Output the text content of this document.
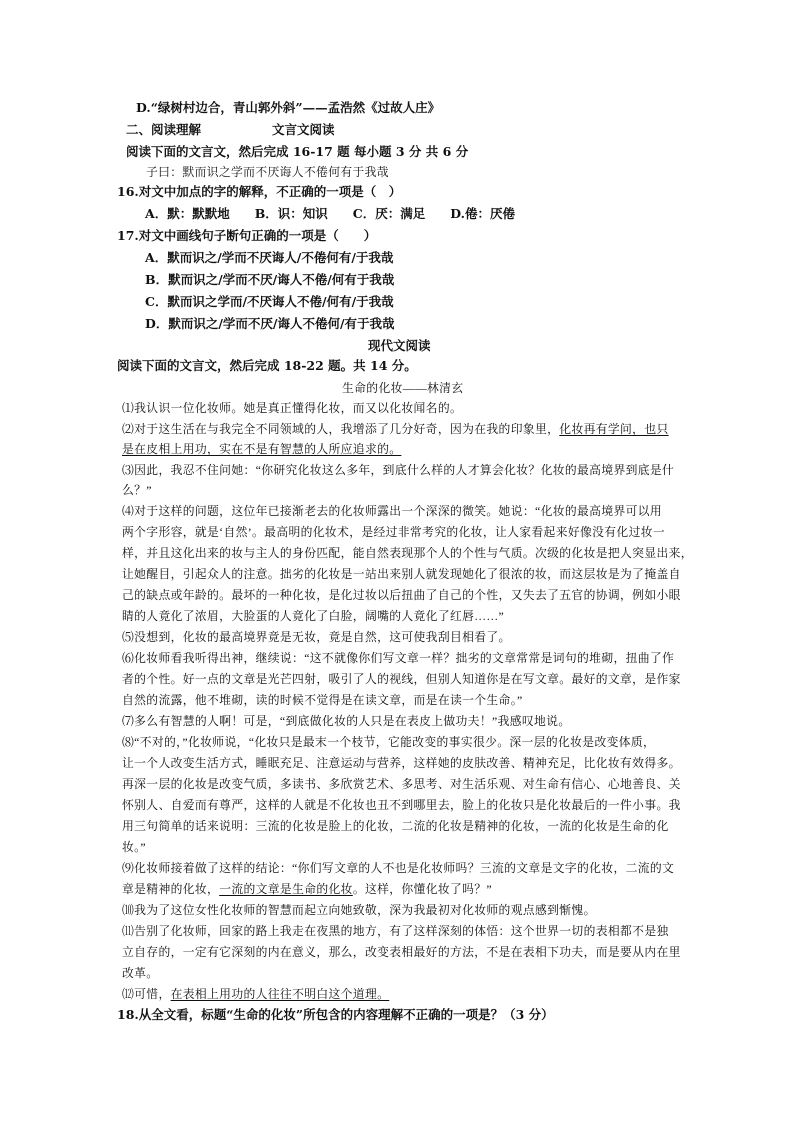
D.“绿树村边合，青山郭外斜”——孟浩然《过故人庄》
二、阅读理解	文言文阅读
阅读下面的文言文，然后完成 16-17 题 每小题 3 分 共 6 分
子曰：默而识之学而不厌诲人不倦何有于我哉
16.对文中加点的字的解释，不正确的一项是（　）
A．默：默默地　　B．识：知识　　C．厌：满足　　D.倦：厌倦
17.对文中画线句子断句正确的一项是（　　）
A．默而识之/学而不厌诲人/不倦何有/于我哉
B．默而识之/学而不厌/诲人不倦/何有于我哉
C．默而识之学而/不厌诲人不倦/何有/于我哉
D．默而识之/学而不厌/诲人不倦何/有于我哉
现代文阅读
阅读下面的文言文，然后完成 18-22 题。共 14 分。
生命的化妆——林清玄
⑴我认识一位化妆师。她是真正懂得化妆，而又以化妆闻名的。
⑵对于这生活在与我完全不同领域的人，我增添了几分好奇，因为在我的印象里，化妆再有学问，也只
是在皮相上用功，实在不是有智慧的人所应追求的。
⑶因此，我忍不住问她：“你研究化妆这么多年，到底什么样的人才算会化妆？化妆的最高境界到底是什
么？”
⑷对于这样的问题，这位年已接渐老去的化妆师露出一个深深的微笑。她说：“化妆的最高境界可以用
两个字形容，就是‘自然’。最高明的化妆术，是经过非常考究的化妆，让人家看起来好像没有化过妆一
样，并且这化出来的妆与主人的身份匹配，能自然表现那个人的个性与气质。次级的化妆是把人突显出来，
让她醒目，引起众人的注意。拙劣的化妆是一站出来别人就发现她化了很浓的妆，而这层妆是为了掩盖自
己的缺点或年龄的。最坏的一种化妆，是化过妆以后扭曲了自己的个性，又失去了五官的协调，例如小眼
睛的人竟化了浓眉，大脸蛋的人竟化了白脸，阔嘴的人竟化了红唇……”
⑸没想到，化妆的最高境界竟是无妆，竟是自然，这可使我刮目相看了。
⑹化妆师看我听得出神，继续说：“这不就像你们写文章一样？拙劣的文章常常是词句的堆砌，扭曲了作
者的个性。好一点的文章是光芒四射，吸引了人的视线，但别人知道你是在写文章。最好的文章，是作家
自然的流露，他不堆砌，读的时候不觉得是在读文章，而是在读一个生命。”
⑺多么有智慧的人啊！可是，“到底做化妆的人只是在表皮上做功夫！”我感叹地说。
⑻“不对的，”化妆师说，“化妆只是最末一个枝节，它能改变的事实很少。深一层的化妆是改变体质，
让一个人改变生活方式，睡眠充足、注意运动与营养，这样她的皮肤改善、精神充足，比化妆有效得多。
再深一层的化妆是改变气质，多读书、多欣赏艺术、多思考、对生活乐观、对生命有信心、心地善良、关
怀别人、自爱而有尊严，这样的人就是不化妆也丑不到哪里去，脸上的化妆只是化妆最后的一件小事。我
用三句简单的话来说明：三流的化妆是脸上的化妆，二流的化妆是精神的化妆，一流的化妆是生命的化
妆。”
⑼化妆师接着做了这样的结论：“你们写文章的人不也是化妆师吗？三流的文章是文字的化妆，二流的文
章是精神的化妆，一流的文章是生命的化妆。这样，你懂化妆了吗？”
⑽我为了这位女性化妆师的智慧而起立向她致敬，深为我最初对化妆师的观点感到惭愧。
⑾告别了化妆师，回家的路上我走在夜黑的地方，有了这样深刻的体悟：这个世界一切的表相都不是独
立自存的，一定有它深刻的内在意义，那么，改变表相最好的方法，不是在表相下功夫，而是要从内在里
改革。
⑿可惜，在表相上用功的人往往不明白这个道理。
18.从全文看，标题“生命的化妆”所包含的内容理解不正确的一项是？（3 分）
